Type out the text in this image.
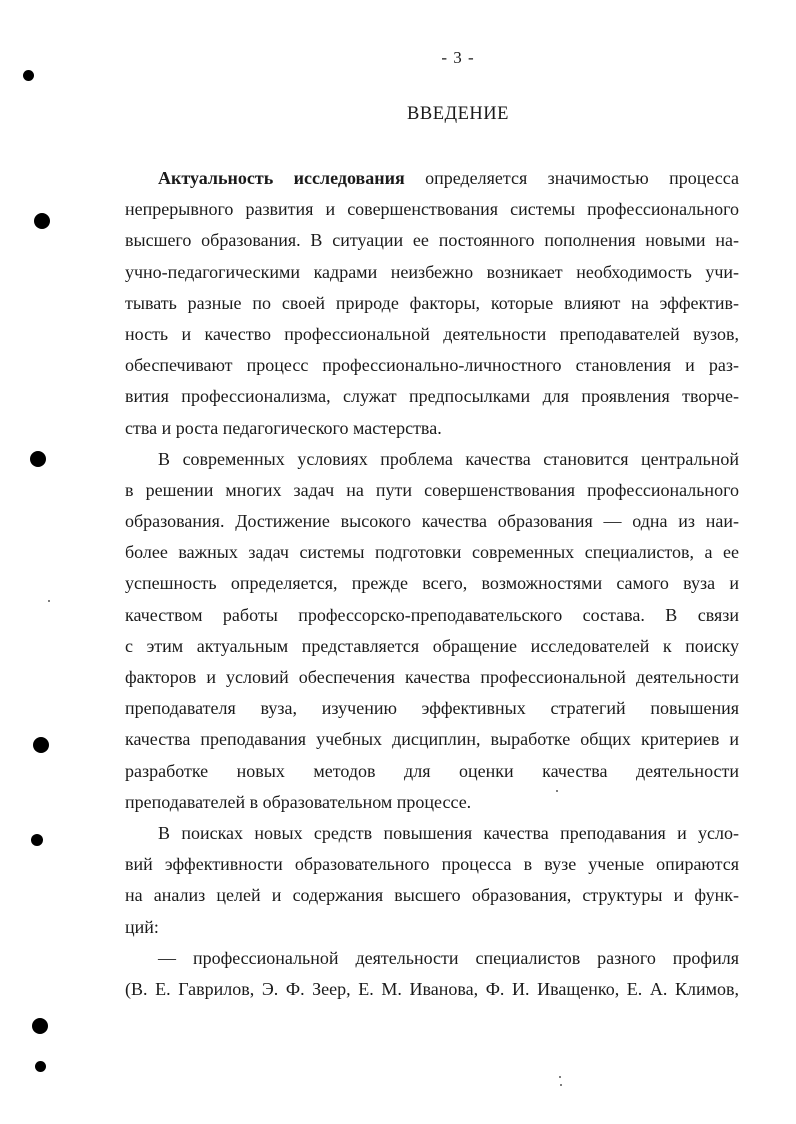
- 3 -
ВВЕДЕНИЕ
Актуальность исследования определяется значимостью процесса
непрерывного развития и совершенствования системы профессионального
высшего образования. В ситуации ее постоянного пополнения новыми на-
учно-педагогическими кадрами неизбежно возникает необходимость учи-
тывать разные по своей природе факторы, которые влияют на эффектив-
ность и качество профессиональной деятельности преподавателей вузов,
обеспечивают процесс профессионально-личностного становления и раз-
вития профессионализма, служат предпосылками для проявления творче-
ства и роста педагогического мастерства.
В современных условиях проблема качества становится центральной
в решении многих задач на пути совершенствования профессионального
образования. Достижение высокого качества образования — одна из наи-
более важных задач системы подготовки современных специалистов, а ее
успешность определяется, прежде всего, возможностями самого вуза и
качеством работы профессорско-преподавательского состава. В связи
с этим актуальным представляется обращение исследователей к поиску
факторов и условий обеспечения качества профессиональной деятельности
преподавателя вуза, изучению эффективных стратегий повышения
качества преподавания учебных дисциплин, выработке общих критериев и
разработке новых методов для оценки качества деятельности
преподавателей в образовательном процессе.
В поисках новых средств повышения качества преподавания и усло-
вий эффективности образовательного процесса в вузе ученые опираются
на анализ целей и содержания высшего образования, структуры и функ-
ций:
— профессиональной деятельности специалистов разного профиля
(В. Е. Гаврилов, Э. Ф. Зеер, Е. М. Иванова, Ф. И. Иващенко, Е. А. Климов,
